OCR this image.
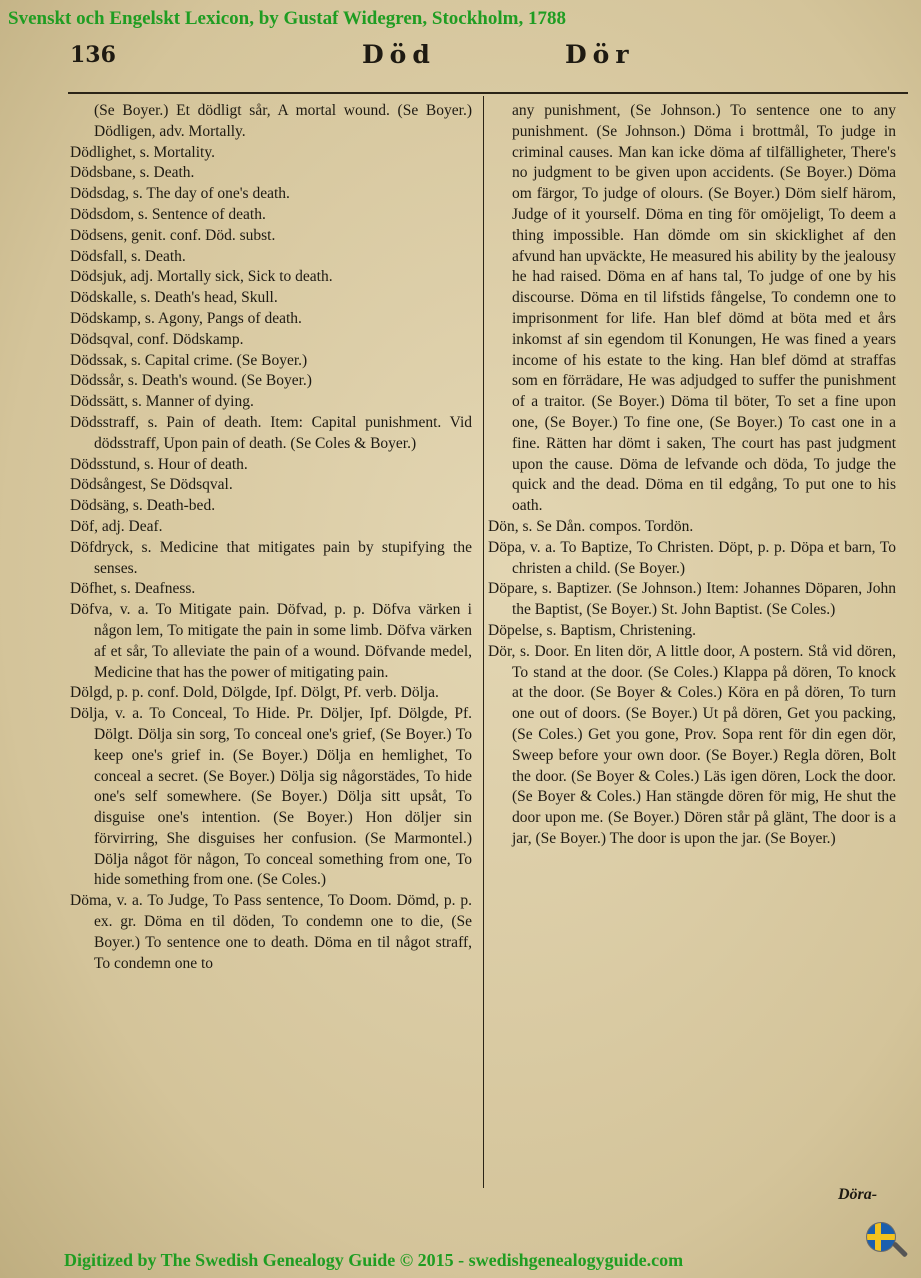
Svenskt och Engelskt Lexicon, by Gustaf Widegren, Stockholm, 1788

136	Död	Dör

(Se Boyer.) Et dödligt sår, A mortal wound. (Se Boyer.) Dödligen, adv. Mortally.

Dödlighet, s. Mortality.

Dödsbane, s. Death.

Dödsdag, s. The day of one's death.

Dödsdom, s. Sentence of death.

Dödsens, genit. conf. Död. subst.

Dödsfall, s. Death.

Dödsjuk, adj. Mortally sick, Sick to death.

Dödskalle, s. Death's head, Skull.

Dödskamp, s. Agony, Pangs of death.

Dödsqval, conf. Dödskamp.

Dödssak, s. Capital crime. (Se Boyer.)

Dödssår, s. Death's wound. (Se Boyer.)

Dödssätt, s. Manner of dying.

Dödsstraff, s. Pain of death. Item: Capital punishment. Vid dödsstraff, Upon pain of death. (Se Coles & Boyer.)

Dödsstund, s. Hour of death.

Dödsångest, Se Dödsqval.

Dödsäng, s. Death-bed.

Döf, adj. Deaf.

Döfdryck, s. Medicine that mitigates pain by stupifying the senses.

Döfhet, s. Deafness.

Döfva, v. a. To Mitigate pain. Döfvad, p. p. Döfva värken i någon lem, To mitigate the pain in some limb. Döfva värken af et sår, To alleviate the pain of a wound. Döfvande medel, Medicine that has the power of mitigating pain.

Dölgd, p. p. conf. Dold, Dölgde, Ipf. Dölgt, Pf. verb. Dölja.

Dölja, v. a. To Conceal, To Hide. Pr. Döljer, Ipf. Dölgde, Pf. Dölgt. Dölja sin sorg, To conceal one's grief, (Se Boyer.) To keep one's grief in. (Se Boyer.) Dölja en hemlighet, To conceal a secret. (Se Boyer.) Dölja sig någorstädes, To hide one's self somewhere. (Se Boyer.) Dölja sitt upsåt, To disguise one's intention. (Se Boyer.) Hon döljer sin förvirring, She disguises her confusion. (Se Marmontel.) Dölja något för någon, To conceal something from one, To hide something from one. (Se Coles.)

Döma, v. a. To Judge, To Pass sentence, To Doom. Dömd, p. p. ex. gr. Döma en til döden, To condemn one to die, (Se Boyer.) To sentence one to death. Döma en til något straff, To condemn one to

any punishment, (Se Johnson.) To sentence one to any punishment. (Se Johnson.) Döma i brottmål, To judge in criminal causes. Man kan icke döma af tilfälligheter, There's no judgment to be given upon accidents. (Se Boyer.) Döma om färgor, To judge of olours. (Se Boyer.) Döm sielf härom, Judge of it yourself. Döma en ting för omöjeligt, To deem a thing impossible. Han dömde om sin skicklighet af den afvund han upväckte, He measured his ability by the jealousy he had raised. Döma en af hans tal, To judge of one by his discourse. Döma en til lifstids fångelse, To condemn one to imprisonment for life. Han blef dömd at böta med et års inkomst af sin egendom til Konungen, He was fined a years income of his estate to the king. Han blef dömd at straffas som en förrädare, He was adjudged to suffer the punishment of a traitor. (Se Boyer.) Döma til böter, To set a fine upon one, (Se Boyer.) To fine one, (Se Boyer.) To cast one in a fine. Rätten har dömt i saken, The court has past judgment upon the cause. Döma de lefvande och döda, To judge the quick and the dead. Döma en til edgång, To put one to his oath.

Dön, s. Se Dån. compos. Tordön.

Döpa, v. a. To Baptize, To Christen. Döpt, p. p. Döpa et barn, To christen a child. (Se Boyer.)

Döpare, s. Baptizer. (Se Johnson.) Item: Johannes Döparen, John the Baptist, (Se Boyer.) St. John Baptist. (Se Coles.)

Döpelse, s. Baptism, Christening.

Dör, s. Door. En liten dör, A little door, A postern. Stå vid dören, To stand at the door. (Se Coles.) Klappa på dören, To knock at the door. (Se Boyer & Coles.) Köra en på dören, To turn one out of doors. (Se Boyer.) Ut på dören, Get you packing, (Se Coles.) Get you gone, Prov. Sopa rent för din egen dör, Sweep before your own door. (Se Boyer.) Regla dören, Bolt the door. (Se Boyer & Coles.) Läs igen dören, Lock the door. (Se Boyer & Coles.) Han stängde dören för mig, He shut the door upon me. (Se Boyer.) Dören står på glänt, The door is a jar, (Se Boyer.) The door is upon the jar. (Se Boyer.)

Döra-

Digitized by The Swedish Genealogy Guide © 2015 - swedishgenealogyguide.com
